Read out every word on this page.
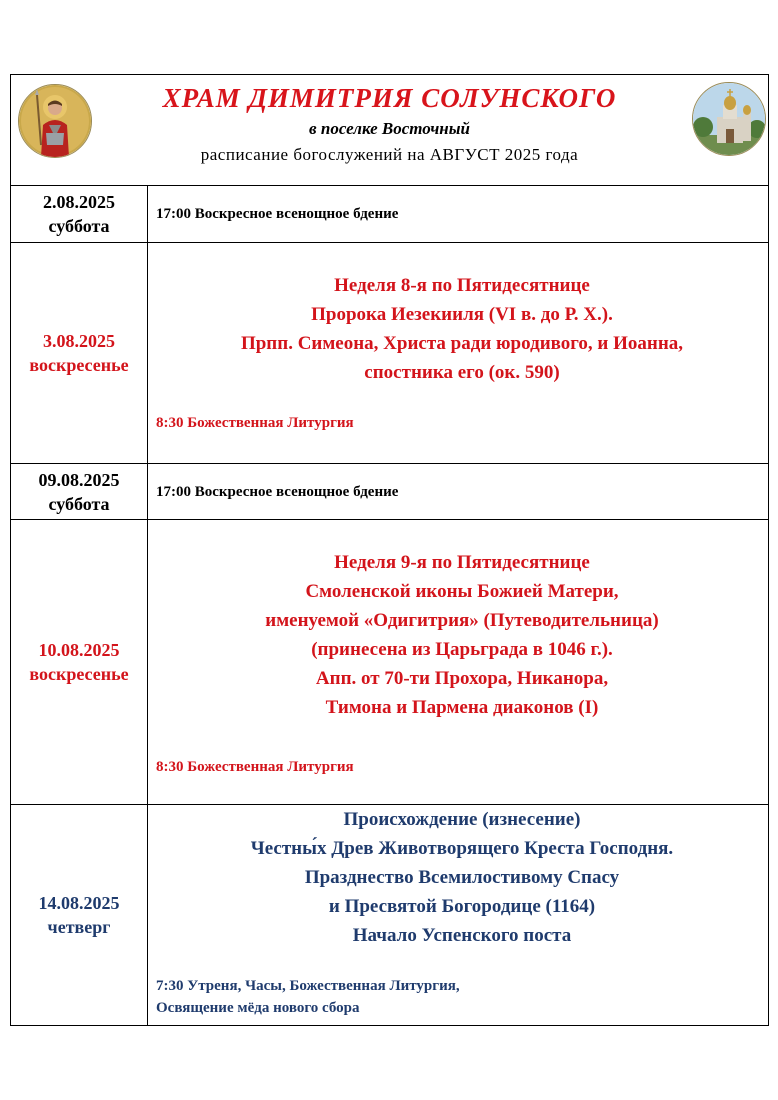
ХРАМ ДИМИТРИЯ СОЛУНСКОГО
в поселке Восточный
расписание богослужений на АВГУСТ 2025 года
2.08.2025
суббота
17:00 Воскресное всенощное бдение
3.08.2025
воскресенье
Неделя 8-я по Пятидесятнице
Пророка Иезекииля (VI в. до Р. Х.).
Прпп. Симеона, Христа ради юродивого, и Иоанна,
спостника его (ок. 590)
8:30 Божественная Литургия
09.08.2025
суббота
17:00 Воскресное всенощное бдение
10.08.2025
воскресенье
Неделя 9-я по Пятидесятнице
Смоленской иконы Божией Матери,
именуемой «Одигитрия» (Путеводительница)
(принесена из Царьграда в 1046 г.).
Апп. от 70-ти Прохора, Никанора,
Тимона и Пармена диаконов (I)
8:30 Божественная Литургия
14.08.2025
четверг
Происхождение (изнесение)
Честны́х Древ Животворящего Креста Господня.
Празднество Всемилостивому Спасу
и Пресвятой Богородице (1164)
Начало Успенского поста
7:30 Утреня, Часы, Божественная Литургия,
Освящение мёда нового сбора
